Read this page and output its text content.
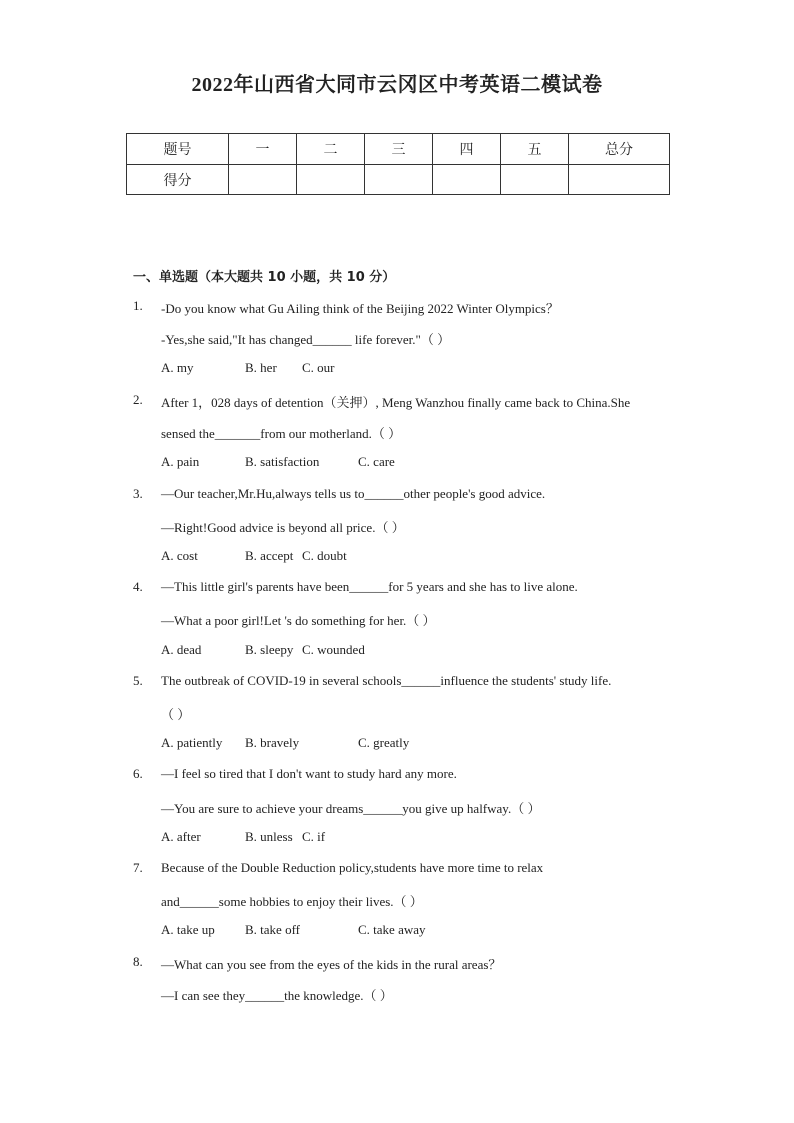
2022年山西省大同市云冈区中考英语二模试卷
题号	一	二	三	四	五	总分
得分						
一、单选题（本大题共 10 小题，共 10 分）
1. -Do you know what Gu Ailing think of the Beijing 2022 Winter Olympics？
-Yes,she said,"It has changed______ life forever."（ ）
A. my	B. her C. our
2. After 1，028 days of detention（关押）, Meng Wanzhou finally came back to China.She
sensed the_______from our motherland.（ ）
A. pain	B. satisfaction	C. care
3. —Our teacher,Mr.Hu,always tells us to______other people's good advice.
—Right!Good advice is beyond all price.（ ）
A. cost	B. accept C. doubt
4. —This little girl's parents have been______for 5 years and she has to live alone.
—What a poor girl!Let 's do something for her.（ ）
A. dead	B. sleepy C. wounded
5. The outbreak of COVID-19 in several schools______influence the students' study life.
（ ）
A. patiently B. bravely	C. greatly
6. —I feel so tired that I don't want to study hard any more.
—You are sure to achieve your dreams______you give up halfway.（ ）
A. after	B. unless C. if
7. Because of the Double Reduction policy,students have more time to relax
and______some hobbies to enjoy their lives.（ ）
A. take up B. take off	C. take away
8. —What can you see from the eyes of the kids in the rural areas？
—I can see they______the knowledge.（ ）
